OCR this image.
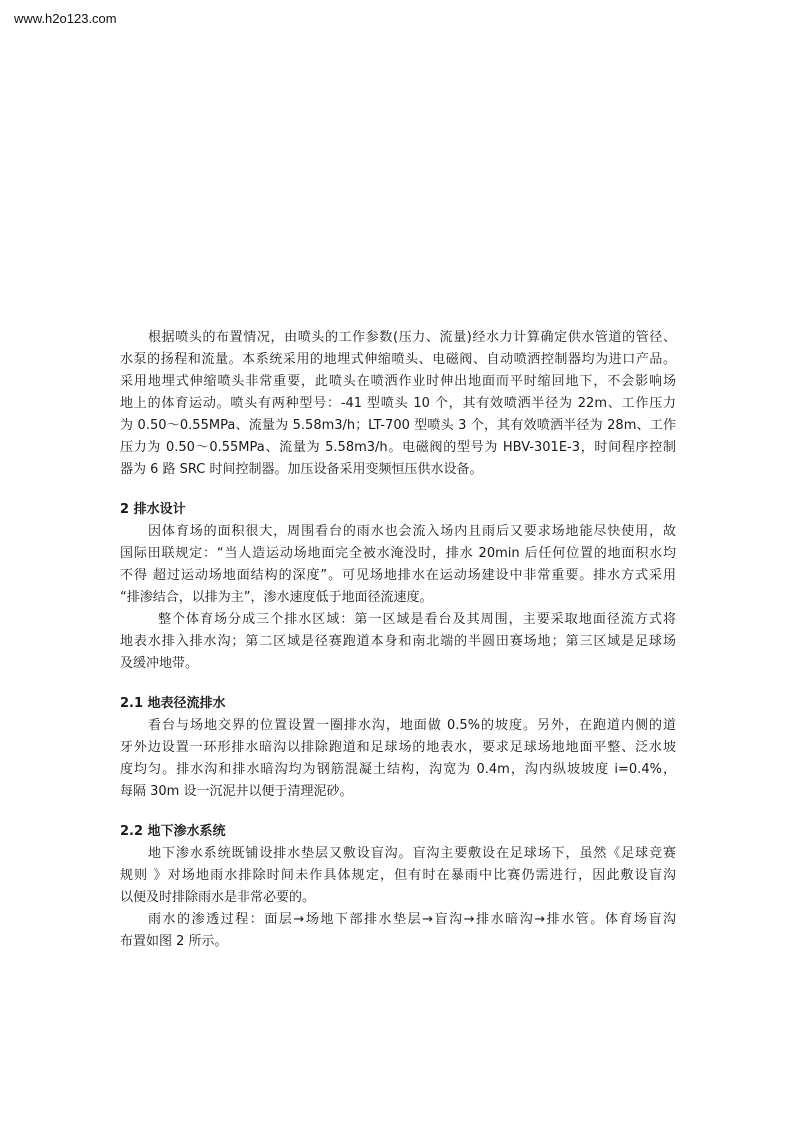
www.h2o123.com
根据喷头的布置情况，由喷头的工作参数(压力、流量)经水力计算确定供水管道的管径、
水泵的扬程和流量。本系统采用的地埋式伸缩喷头、电磁阀、自动喷洒控制器均为进口产品。
采用地埋式伸缩喷头非常重要，此喷头在喷洒作业时伸出地面而平时缩回地下，不会影响场
地上的体育运动。喷头有两种型号：-41 型喷头 10 个，其有效喷洒半径为 22m、工作压力
为 0.50～0.55MPa、流量为 5.58m3/h；LT-700 型喷头 3 个，其有效喷洒半径为 28m、工作
压力为 0.50～0.55MPa、流量为 5.58m3/h。电磁阀的型号为 HBV-301E-3，时间程序控制
器为 6 路 SRC 时间控制器。加压设备采用变频恒压供水设备。
2 排水设计
因体育场的面积很大，周围看台的雨水也会流入场内且雨后又要求场地能尽快使用，故
国际田联规定：“当人造运动场地面完全被水淹没时，排水 20min 后任何位置的地面积水均
不得 超过运动场地面结构的深度”。可见场地排水在运动场建设中非常重要。排水方式采用
“排渗结合，以排为主”，渗水速度低于地面径流速度。
整个体育场分成三个排水区域：第一区域是看台及其周围，主要采取地面径流方式将
地表水排入排水沟；第二区域是径赛跑道本身和南北端的半圆田赛场地；第三区域是足球场
及缓冲地带。
2.1 地表径流排水
看台与场地交界的位置设置一圈排水沟，地面做 0.5%的坡度。另外，在跑道内侧的道
牙外边设置一环形排水暗沟以排除跑道和足球场的地表水，要求足球场地地面平整、泛水坡
度均匀。排水沟和排水暗沟均为钢筋混凝土结构，沟宽为 0.4m，沟内纵坡坡度 i=0.4%，
每隔 30m 设一沉泥井以便于清理泥砂。
2.2 地下渗水系统
地下渗水系统既铺设排水垫层又敷设盲沟。盲沟主要敷设在足球场下，虽然《足球竞赛
规则 》对场地雨水排除时间未作具体规定，但有时在暴雨中比赛仍需进行，因此敷设盲沟
以便及时排除雨水是非常必要的。
雨水的渗透过程：面层→场地下部排水垫层→盲沟→排水暗沟→排水管。体育场盲沟
布置如图 2 所示。
